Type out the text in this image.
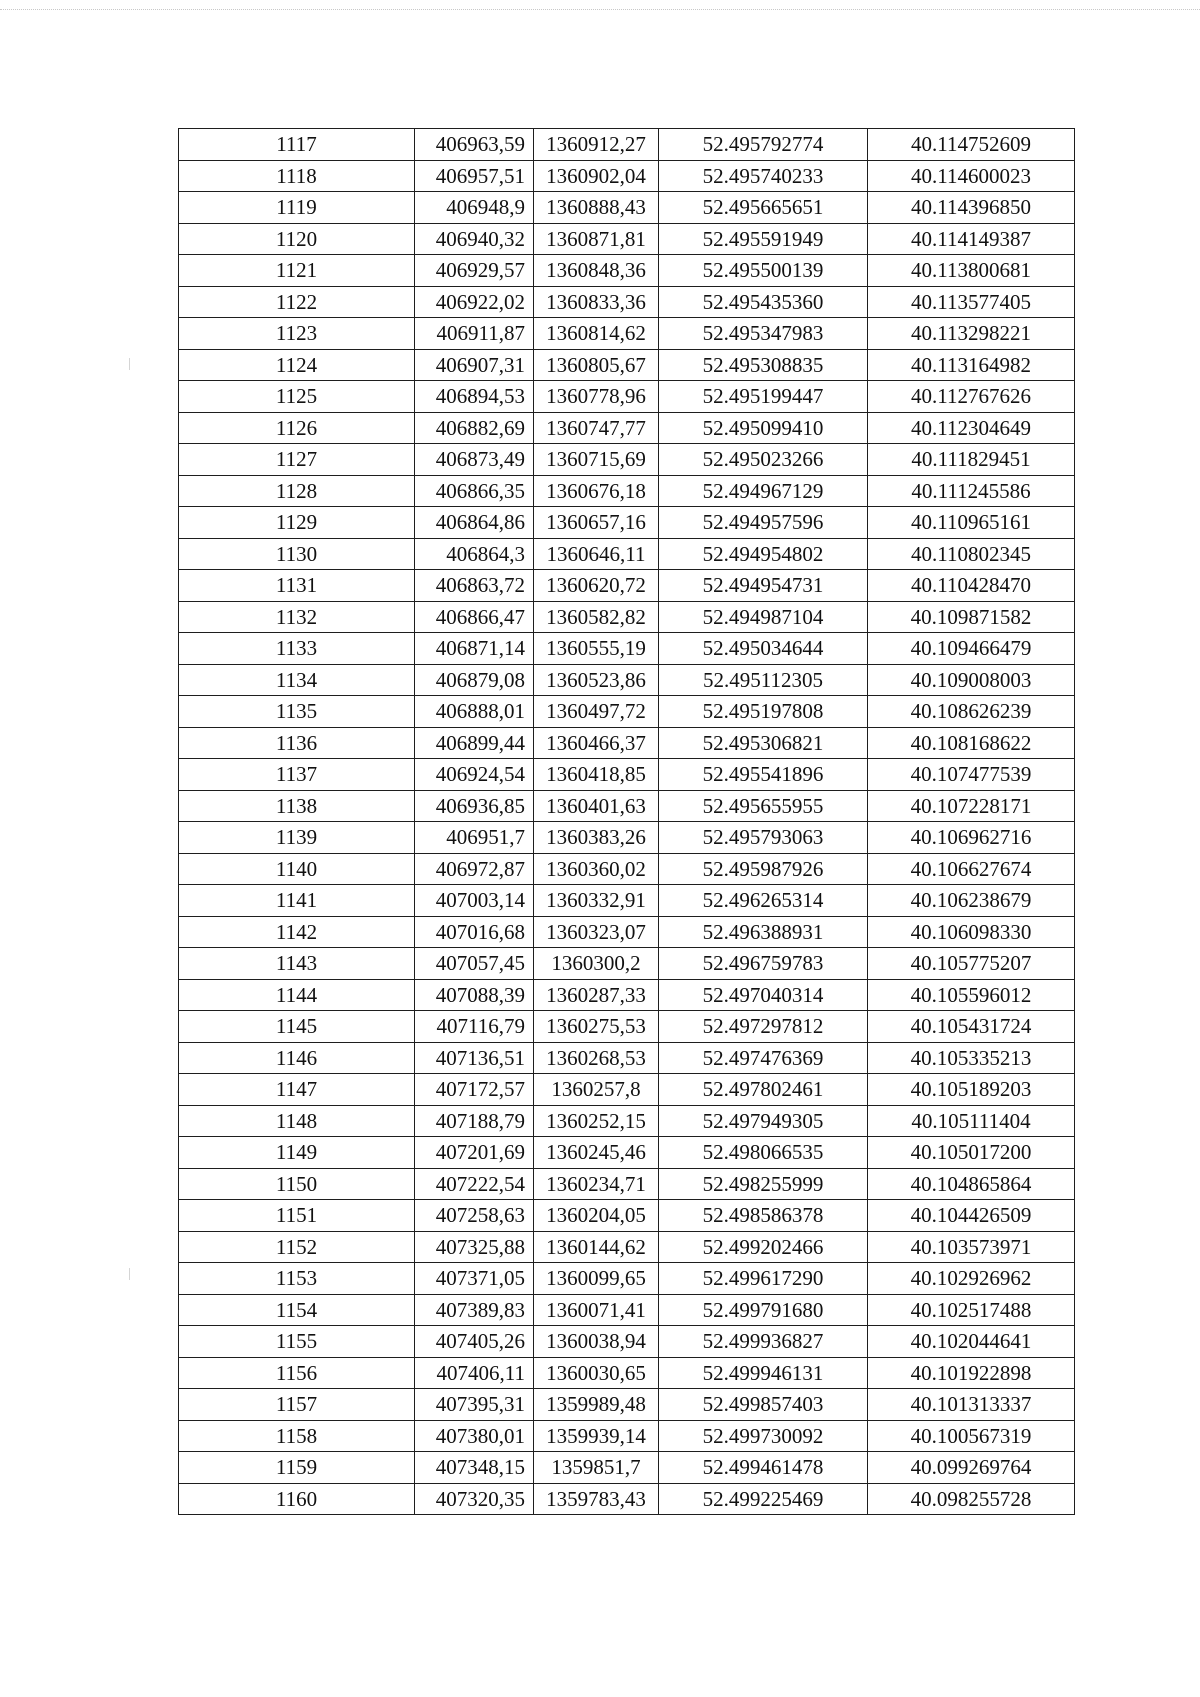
1117	406963,59	1360912,27	52.495792774	40.114752609
1118	406957,51	1360902,04	52.495740233	40.114600023
1119	406948,9	1360888,43	52.495665651	40.114396850
1120	406940,32	1360871,81	52.495591949	40.114149387
1121	406929,57	1360848,36	52.495500139	40.113800681
1122	406922,02	1360833,36	52.495435360	40.113577405
1123	406911,87	1360814,62	52.495347983	40.113298221
1124	406907,31	1360805,67	52.495308835	40.113164982
1125	406894,53	1360778,96	52.495199447	40.112767626
1126	406882,69	1360747,77	52.495099410	40.112304649
1127	406873,49	1360715,69	52.495023266	40.111829451
1128	406866,35	1360676,18	52.494967129	40.111245586
1129	406864,86	1360657,16	52.494957596	40.110965161
1130	406864,3	1360646,11	52.494954802	40.110802345
1131	406863,72	1360620,72	52.494954731	40.110428470
1132	406866,47	1360582,82	52.494987104	40.109871582
1133	406871,14	1360555,19	52.495034644	40.109466479
1134	406879,08	1360523,86	52.495112305	40.109008003
1135	406888,01	1360497,72	52.495197808	40.108626239
1136	406899,44	1360466,37	52.495306821	40.108168622
1137	406924,54	1360418,85	52.495541896	40.107477539
1138	406936,85	1360401,63	52.495655955	40.107228171
1139	406951,7	1360383,26	52.495793063	40.106962716
1140	406972,87	1360360,02	52.495987926	40.106627674
1141	407003,14	1360332,91	52.496265314	40.106238679
1142	407016,68	1360323,07	52.496388931	40.106098330
1143	407057,45	1360300,2	52.496759783	40.105775207
1144	407088,39	1360287,33	52.497040314	40.105596012
1145	407116,79	1360275,53	52.497297812	40.105431724
1146	407136,51	1360268,53	52.497476369	40.105335213
1147	407172,57	1360257,8	52.497802461	40.105189203
1148	407188,79	1360252,15	52.497949305	40.105111404
1149	407201,69	1360245,46	52.498066535	40.105017200
1150	407222,54	1360234,71	52.498255999	40.104865864
1151	407258,63	1360204,05	52.498586378	40.104426509
1152	407325,88	1360144,62	52.499202466	40.103573971
1153	407371,05	1360099,65	52.499617290	40.102926962
1154	407389,83	1360071,41	52.499791680	40.102517488
1155	407405,26	1360038,94	52.499936827	40.102044641
1156	407406,11	1360030,65	52.499946131	40.101922898
1157	407395,31	1359989,48	52.499857403	40.101313337
1158	407380,01	1359939,14	52.499730092	40.100567319
1159	407348,15	1359851,7	52.499461478	40.099269764
1160	407320,35	1359783,43	52.499225469	40.098255728
